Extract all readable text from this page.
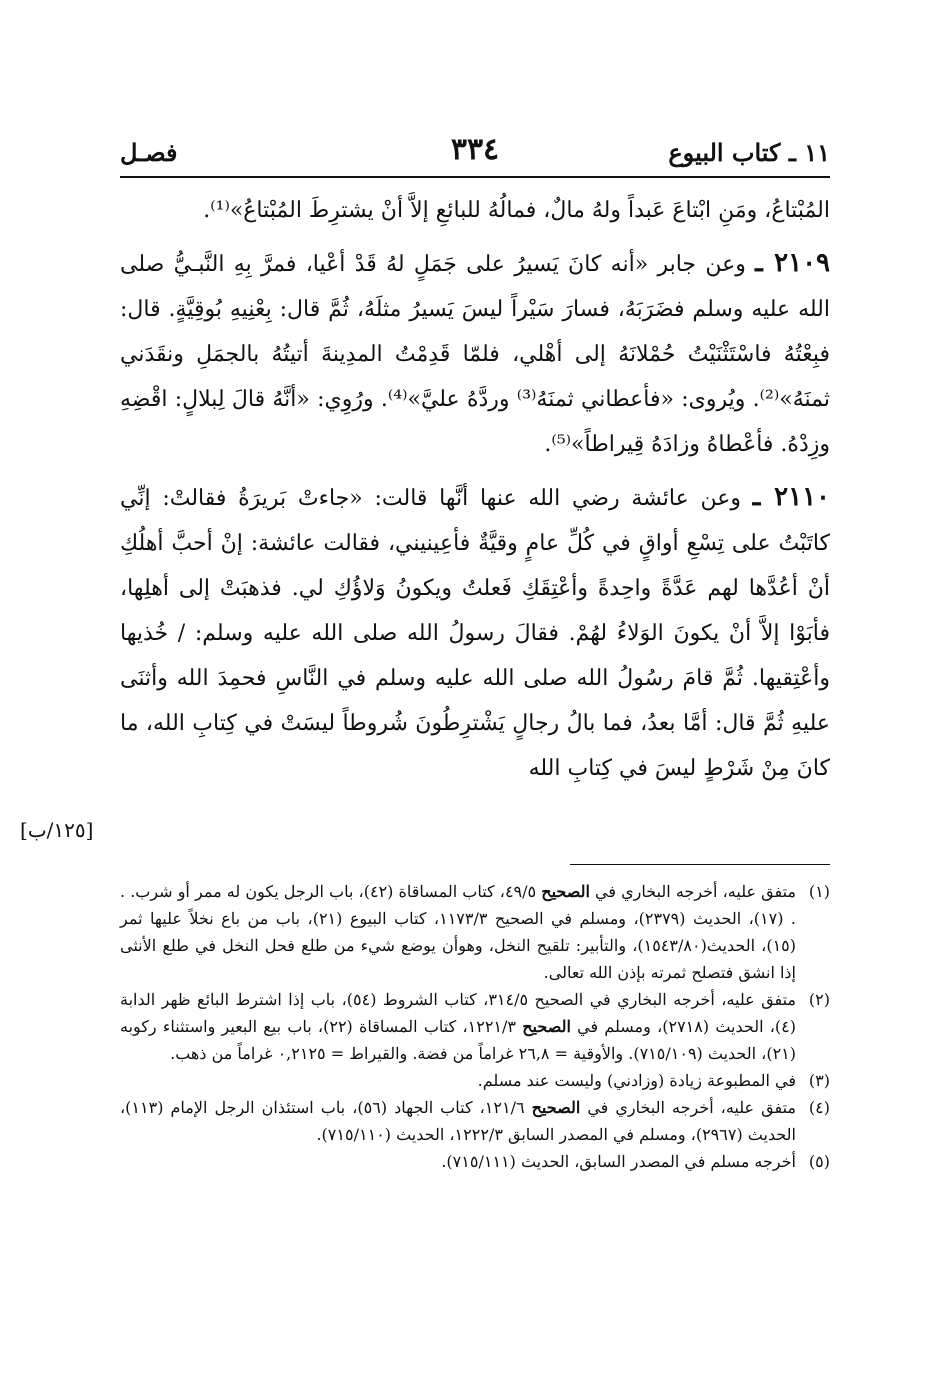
١١ ـ كتاب البيوع
٣٣٤
فصـل

المُبْتاعُ، ومَنِ ابْتاعَ عَبداً ولهُ مالٌ، فمالُهُ للبائعِ إلاَّ أنْ يشترِطَ المُبْتاعُ»⁽¹⁾.

٢١٠٩ ـ وعن جابر «أنه كانَ يَسيرُ على جَمَلٍ لهُ قَدْ أعْيا، فمرَّ بِهِ النَّبـيُّ صلى الله عليه وسلم فضَرَبَهُ، فسارَ سَيْراً ليسَ يَسيرُ مثلَهُ، ثُمَّ قال: بِعْنِيهِ بُوقِيَّةٍ. قال: فبِعْتُهُ فاسْتَثْنَيْتُ حُمْلانَهُ إلى أهْلي، فلمّا قَدِمْتُ المدِينةَ أتيتُهُ بالجمَلِ ونقَدَني ثمنَهُ»⁽²⁾. ويُروى: «فأعطاني ثمنَهُ⁽³⁾ وردَّهُ عليَّ»⁽⁴⁾. ورُوِي: «أنَّهُ قالَ لِبلالٍ: اقْضِهِ وزِدْهُ. فأعْطاهُ وزادَهُ قِيراطاً»⁽⁵⁾.

٢١١٠ ـ وعن عائشة رضي الله عنها أنَّها قالت: «جاءتْ بَريرَةُ فقالتْ: إنِّي كاتَبْتُ على تِسْعِ أواقٍ في كُلِّ عامٍ وقيَّةٌ فأعِينيني، فقالت عائشة: إنْ أحبَّ أهلُكِ أنْ أعُدَّها لهم عَدَّةً واحِدةً وأعْتِقَكِ فَعلتُ ويكونُ وَلاؤُكِ لي. فذهبَتْ إلى أهلِها، فأبَوْا إلاَّ أنْ يكونَ الوَلاءُ لهُمْ. فقالَ رسولُ الله صلى الله عليه وسلم: / خُذيها وأعْتِقيها. ثُمَّ قامَ رسُولُ الله صلى الله عليه وسلم في النَّاسِ فحمِدَ الله وأثنَى عليهِ ثُمَّ قال: أمَّا بعدُ، فما بالُ رجالٍ يَشْترِطُونَ شُروطاً ليسَتْ في كِتابِ الله، ما كانَ مِنْ شَرْطٍ ليسَ في كِتابِ الله

[١٢٥/ب]
(١)
متفق عليه، أخرجه البخاري في الصحيح ٤٩/٥، كتاب المساقاة (٤٢)، باب الرجل يكون له ممر أو شرب. . . (١٧)، الحديث (٢٣٧٩)، ومسلم في الصحيح ١١٧٣/٣، كتاب البيوع (٢١)، باب من باع نخلاً عليها ثمر (١٥)، الحديث(١٥٤٣/٨٠)، والتأبير: تلقيح النخل، وهوأن يوضع شيء من طلع فحل النخل في طلع الأنثى إذا انشق فتصلح ثمرته بإذن الله تعالى.
(٢)
متفق عليه، أخرجه البخاري في الصحيح ٣١٤/٥، كتاب الشروط (٥٤)، باب إذا اشترط البائع ظهر الدابة (٤)، الحديث (٢٧١٨)، ومسلم في الصحيح ١٢٢١/٣، كتاب المساقاة (٢٢)، باب بيع البعير واستثناء ركوبه (٢١)، الحديث (٧١٥/١٠٩). والأوقية = ٢٦,٨ غراماً من فضة. والقيراط = ٠,٢١٢٥ غراماً من ذهب.
(٣)
في المطبوعة زيادة (وزادني) وليست عند مسلم.
(٤)
متفق عليه، أخرجه البخاري في الصحيح ١٢١/٦، كتاب الجهاد (٥٦)، باب استئذان الرجل الإمام (١١٣)، الحديث (٢٩٦٧)، ومسلم في المصدر السابق ١٢٢٢/٣، الحديث (٧١٥/١١٠).
(٥)
أخرجه مسلم في المصدر السابق، الحديث (٧١٥/١١١).
